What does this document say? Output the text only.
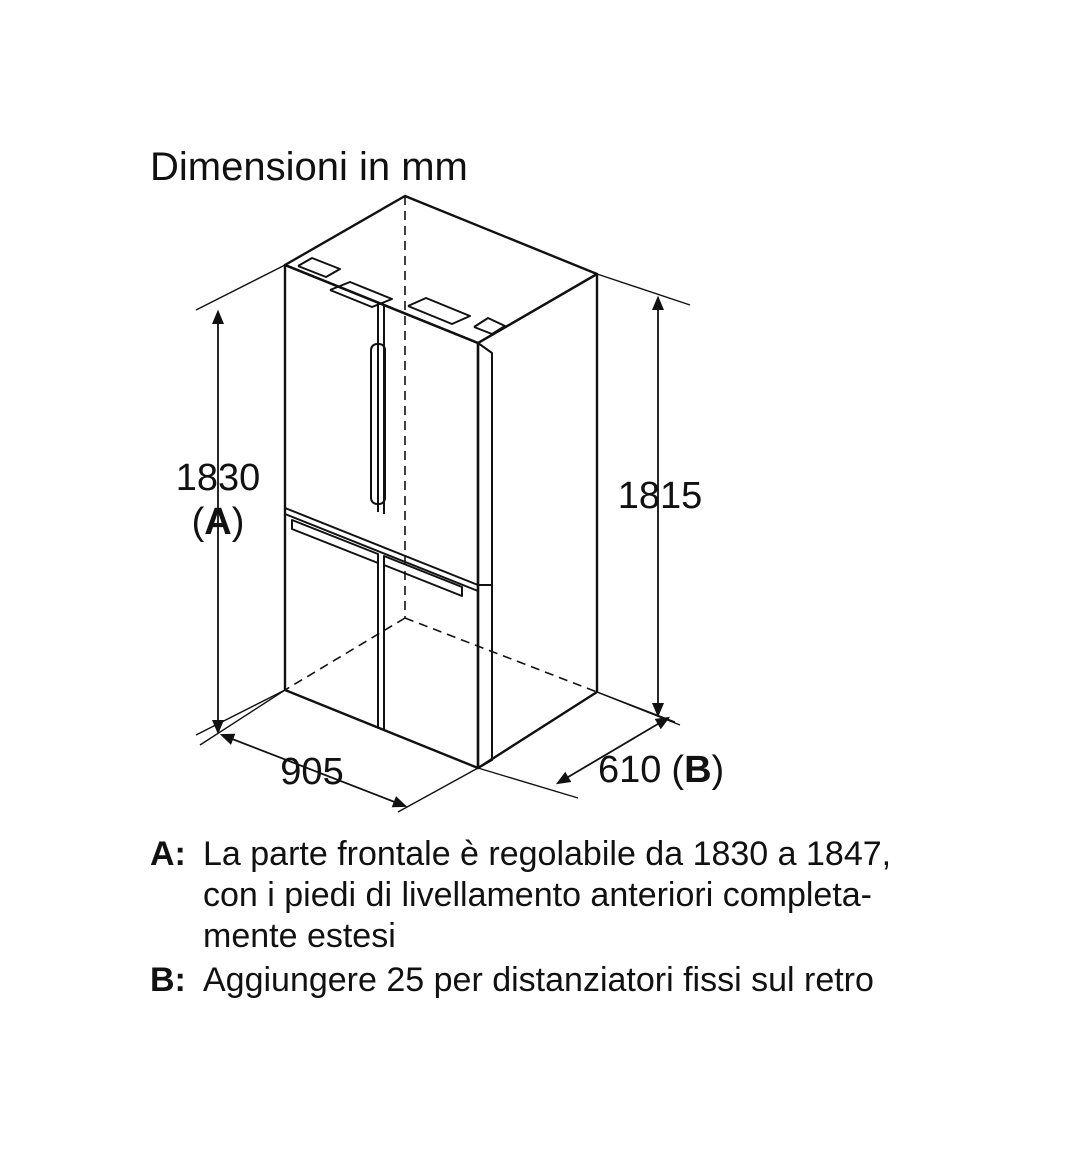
Dimensioni in mm
1830
(A)
1815
905	610 (B)
A: La parte frontale è regolabile da 1830 a 1847,
con i piedi di livellamento anteriori completa-
mente estesi
B: Aggiungere 25 per distanziatori fissi sul retro
